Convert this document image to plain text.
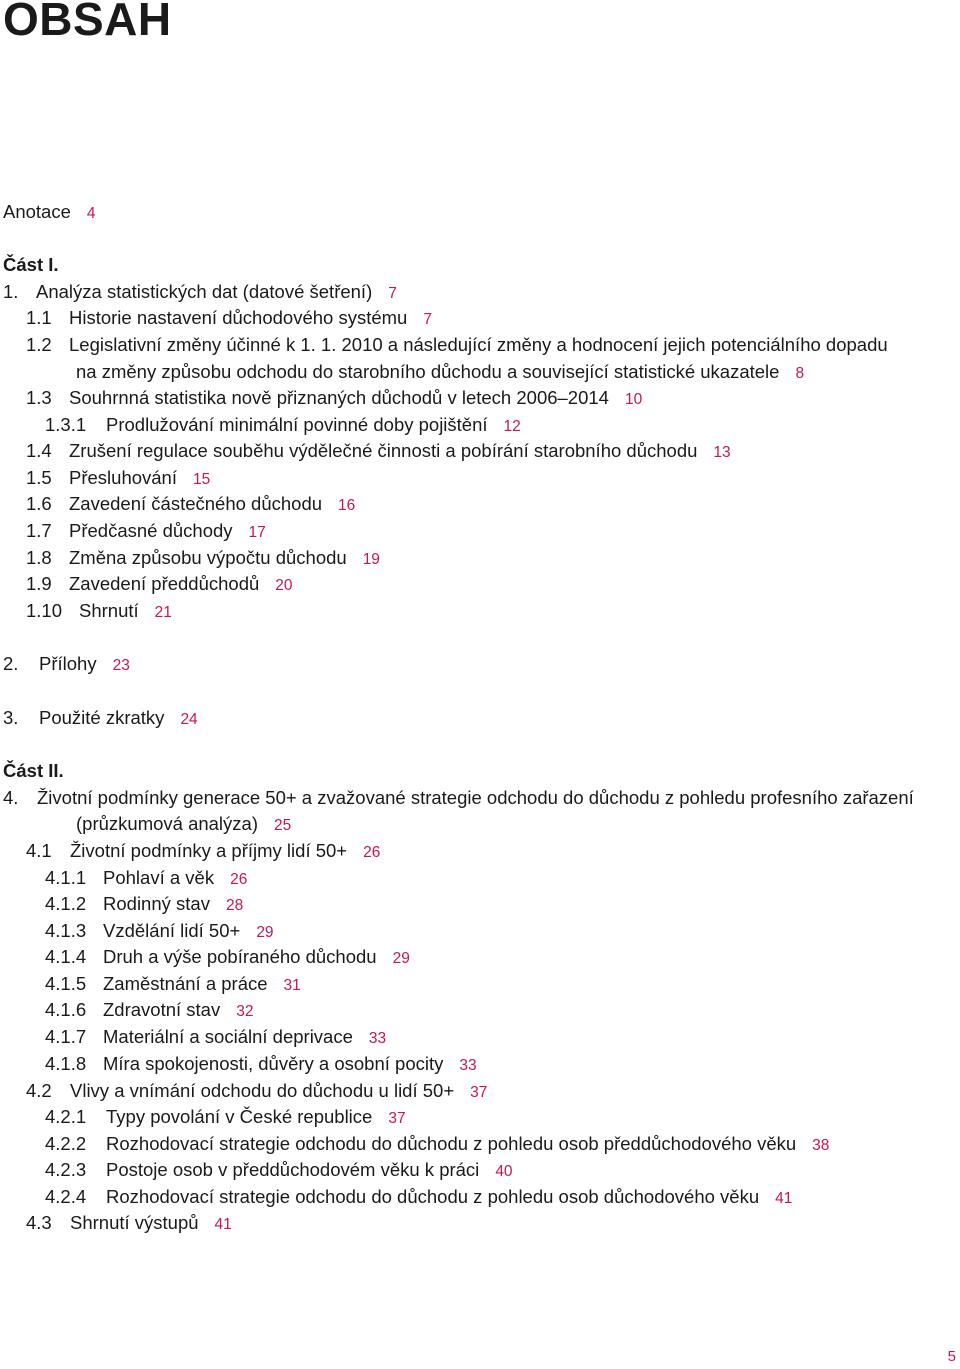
OBSAH
Anotace 4
Část I.
1. Analýza statistických dat (datové šetření) 7
1.1 Historie nastavení důchodového systému 7
1.2 Legislativní změny účinné k 1. 1. 2010 a následující změny a hodnocení jejich potenciálního dopadu
na změny způsobu odchodu do starobního důchodu a související statistické ukazatele 8
1.3 Souhrnná statistika nově přiznaných důchodů v letech 2006–2014 10
1.3.1 Prodlužování minimální povinné doby pojištění 12
1.4 Zrušení regulace souběhu výdělečné činnosti a pobírání starobního důchodu 13
1.5 Přesluhování 15
1.6 Zavedení částečného důchodu 16
1.7 Předčasné důchody 17
1.8 Změna způsobu výpočtu důchodu 19
1.9 Zavedení předdůchodů 20
1.10 Shrnutí 21
2. Přílohy 23
3. Použité zkratky 24
Část II.
4. Životní podmínky generace 50+ a zvažované strategie odchodu do důchodu z pohledu profesního zařazení
(průzkumová analýza) 25
4.1 Životní podmínky a příjmy lidí 50+ 26
4.1.1 Pohlaví a věk 26
4.1.2 Rodinný stav 28
4.1.3 Vzdělání lidí 50+ 29
4.1.4 Druh a výše pobíraného důchodu 29
4.1.5 Zaměstnání a práce 31
4.1.6 Zdravotní stav 32
4.1.7 Materiální a sociální deprivace 33
4.1.8 Míra spokojenosti, důvěry a osobní pocity 33
4.2 Vlivy a vnímání odchodu do důchodu u lidí 50+ 37
4.2.1 Typy povolání v České republice 37
4.2.2 Rozhodovací strategie odchodu do důchodu z pohledu osob předdůchodového věku 38
4.2.3 Postoje osob v předdůchodovém věku k práci 40
4.2.4 Rozhodovací strategie odchodu do důchodu z pohledu osob důchodového věku 41
4.3 Shrnutí výstupů 41
5
